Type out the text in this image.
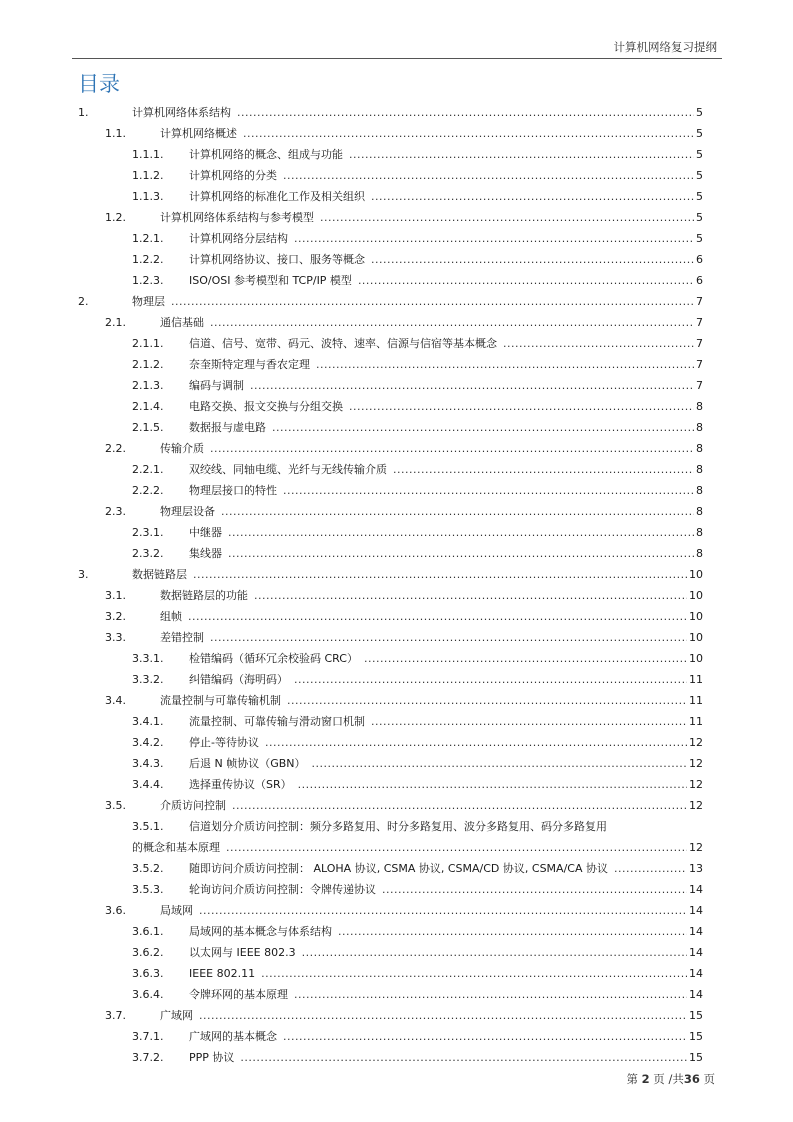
计算机网络复习提纲
目录
1.	计算机网络体系结构 .....	5
1.1.	计算机网络概述 .....	5
1.1.1. 计算机网络的概念、组成与功能 .....	5
1.1.2. 计算机网络的分类 .....	5
1.1.3. 计算机网络的标准化工作及相关组织 .....	5
1.2.	计算机网络体系结构与参考模型 .....	5
1.2.1. 计算机网络分层结构 .....	5
1.2.2. 计算机网络协议、接口、服务等概念 .....	6
1.2.3. ISO/OSI 参考模型和 TCP/IP 模型 .....	6
2.	物理层 .....	7
2.1.	通信基础 .....	7
2.1.1. 信道、信号、宽带、码元、波特、速率、信源与信宿等基本概念 .....	7
2.1.2. 奈奎斯特定理与香农定理 .....	7
2.1.3. 编码与调制 .....	7
2.1.4. 电路交换、报文交换与分组交换 .....	8
2.1.5. 数据报与虚电路 .....	8
2.2.	传输介质 .....	8
2.2.1. 双绞线、同轴电缆、光纤与无线传输介质 .....	8
2.2.2. 物理层接口的特性 .....	8
2.3.	物理层设备 .....	8
2.3.1. 中继器 .....	8
2.3.2. 集线器 .....	8
3.	数据链路层 .....	10
3.1.	数据链路层的功能 .....	10
3.2.	组帧 .....	10
3.3.	差错控制 .....	10
3.3.1. 检错编码（循环冗余校验码 CRC） .....	10
3.3.2. 纠错编码（海明码） .....	11
3.4.	流量控制与可靠传输机制 .....	11
3.4.1. 流量控制、可靠传输与滑动窗口机制 .....	11
3.4.2. 停止-等待协议 .....	12
3.4.3. 后退 N 帧协议（GBN） .....	12
3.4.4. 选择重传协议（SR） .....	12
3.5.	介质访问控制 .....	12
3.5.1. 信道划分介质访问控制：频分多路复用、时分多路复用、波分多路复用、码分多路复用
的概念和基本原理 .....	12
3.5.2. 随即访问介质访问控制： ALOHA 协议, CSMA 协议, CSMA/CD 协议, CSMA/CA 协议 .....	13
3.5.3. 轮询访问介质访问控制：令牌传递协议 .....	14
3.6.	局域网 .....	14
3.6.1. 局域网的基本概念与体系结构 .....	14
3.6.2. 以太网与 IEEE 802.3 .....	14
3.6.3. IEEE 802.11 .....	14
3.6.4. 令牌环网的基本原理 .....	14
3.7.	广域网 .....	15
3.7.1. 广域网的基本概念 .....	15
3.7.2. PPP 协议 .....	15
第 2 页 /共36 页
